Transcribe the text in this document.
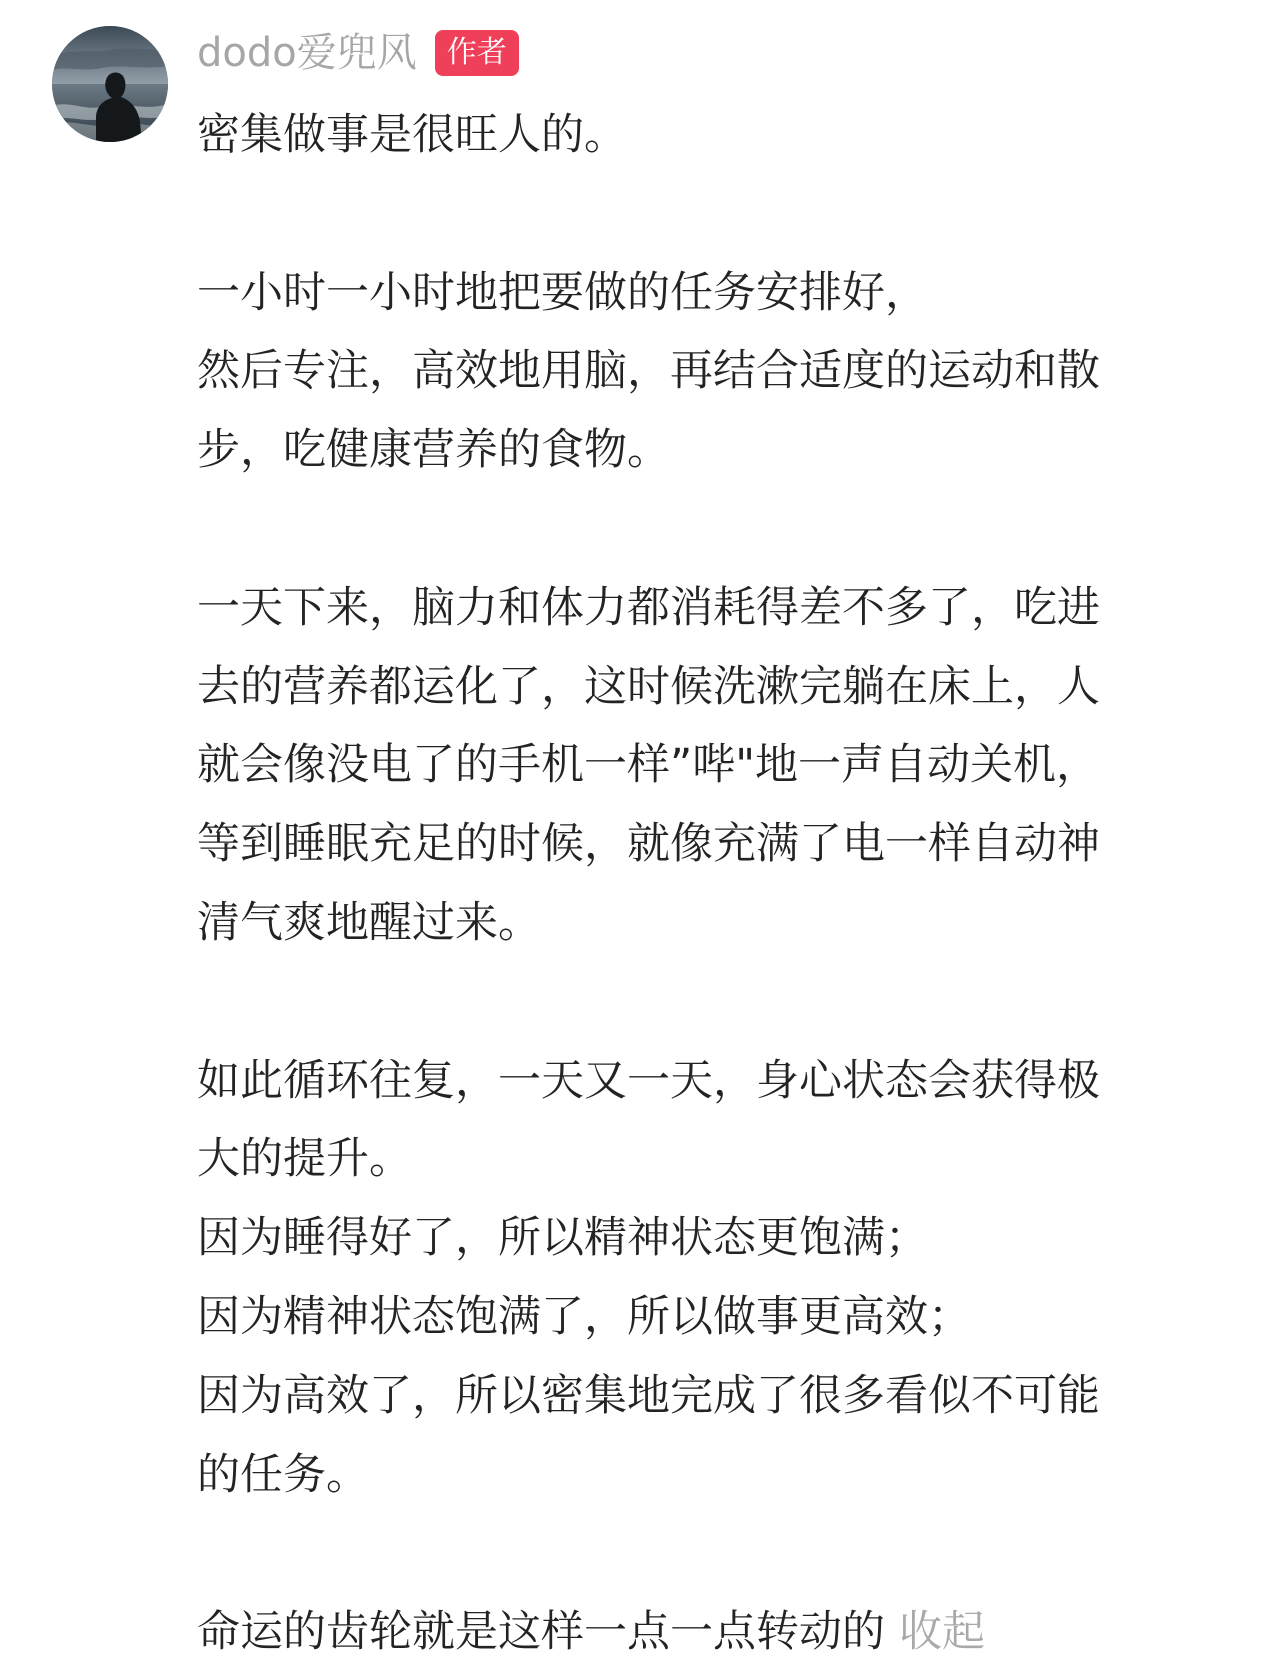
dodo爱兜风	作者
密集做事是很旺人的。
一小时一小时地把要做的任务安排好，
然后专注，高效地用脑，再结合适度的运动和散
步，吃健康营养的食物。
一天下来，脑力和体力都消耗得差不多了，吃进
去的营养都运化了，这时候洗漱完躺在床上，人
就会像没电了的手机一样”哔"地一声自动关机，
等到睡眠充足的时候，就像充满了电一样自动神
清气爽地醒过来。
如此循环往复，一天又一天，身心状态会获得极
大的提升。
因为睡得好了，所以精神状态更饱满；
因为精神状态饱满了，所以做事更高效；
因为高效了，所以密集地完成了很多看似不可能
的任务。
命运的齿轮就是这样一点一点转动的 收起
